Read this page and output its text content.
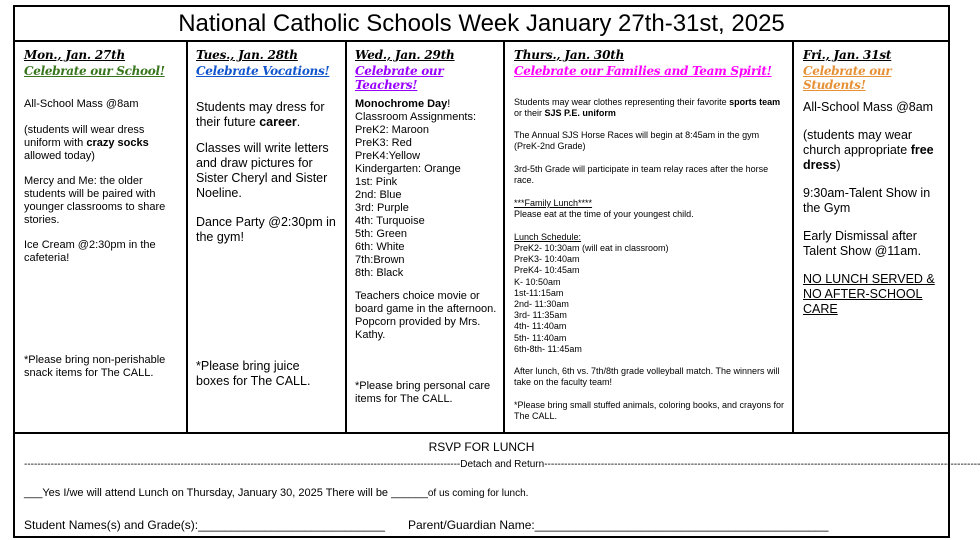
National Catholic Schools Week January 27th-31st, 2025

Mon., Jan. 27th

Celebrate our School!

All-School Mass @8am
(students will wear dress uniform with crazy socks allowed today)
Mercy and Me: the older students will be paired with younger classrooms to share stories.
Ice Cream @2:30pm in the cafeteria!
*Please bring non-perishable snack items for The CALL.

Tues., Jan. 28th

Celebrate Vocations!

Students may dress for their future career.
Classes will write letters and draw pictures for Sister Cheryl and Sister Noeline.
Dance Party @2:30pm in the gym!
*Please bring juice boxes for The CALL.

Wed., Jan. 29th

Celebrate our Teachers!

Monochrome Day!
Classroom Assignments:
PreK2: Maroon
PreK3: Red
PreK4:Yellow
Kindergarten: Orange
1st: Pink
2nd: Blue
3rd: Purple
4th: Turquoise
5th: Green
6th: White
7th:Brown
8th: Black
Teachers choice movie or board game in the afternoon. Popcorn provided by Mrs. Kathy.
*Please bring personal care items for The CALL.

Thurs., Jan. 30th

Celebrate our Families and Team Spirit!

Students may wear clothes representing their favorite sports team or their SJS P.E. uniform
The Annual SJS Horse Races will begin at 8:45am in the gym (PreK-2nd Grade)
3rd-5th Grade will participate in team relay races after the horse race.
***Family Lunch****
Please eat at the time of your youngest child.
Lunch Schedule:
PreK2- 10:30am (will eat in classroom)
PreK3- 10:40am
PreK4- 10:45am
K- 10:50am
1st-11:15am
2nd- 11:30am
3rd- 11:35am
4th- 11:40am
5th- 11:40am
6th-8th- 11:45am
After lunch, 6th vs. 7th/8th grade volleyball match. The winners will take on the faculty team!
*Please bring small stuffed animals, coloring books, and crayons for The CALL.

Fri., Jan. 31st

Celebrate our Students!

All-School Mass @8am
(students may wear church appropriate free dress)
9:30am-Talent Show in the Gym
Early Dismissal after Talent Show @11am.
NO LUNCH SERVED & NO AFTER-SCHOOL CARE
RSVP FOR LUNCH
-----------------------------------------------------------------------------------------------------------------------------------Detach and Return-----------------------------------------------------------------------------------------------------------------------------------
___Yes I/we will attend Lunch on Thursday, January 30, 2025 There will be ______of us coming for lunch.
Student Names(s) and Grade(s):____________________________	Parent/Guardian Name:____________________________________________
